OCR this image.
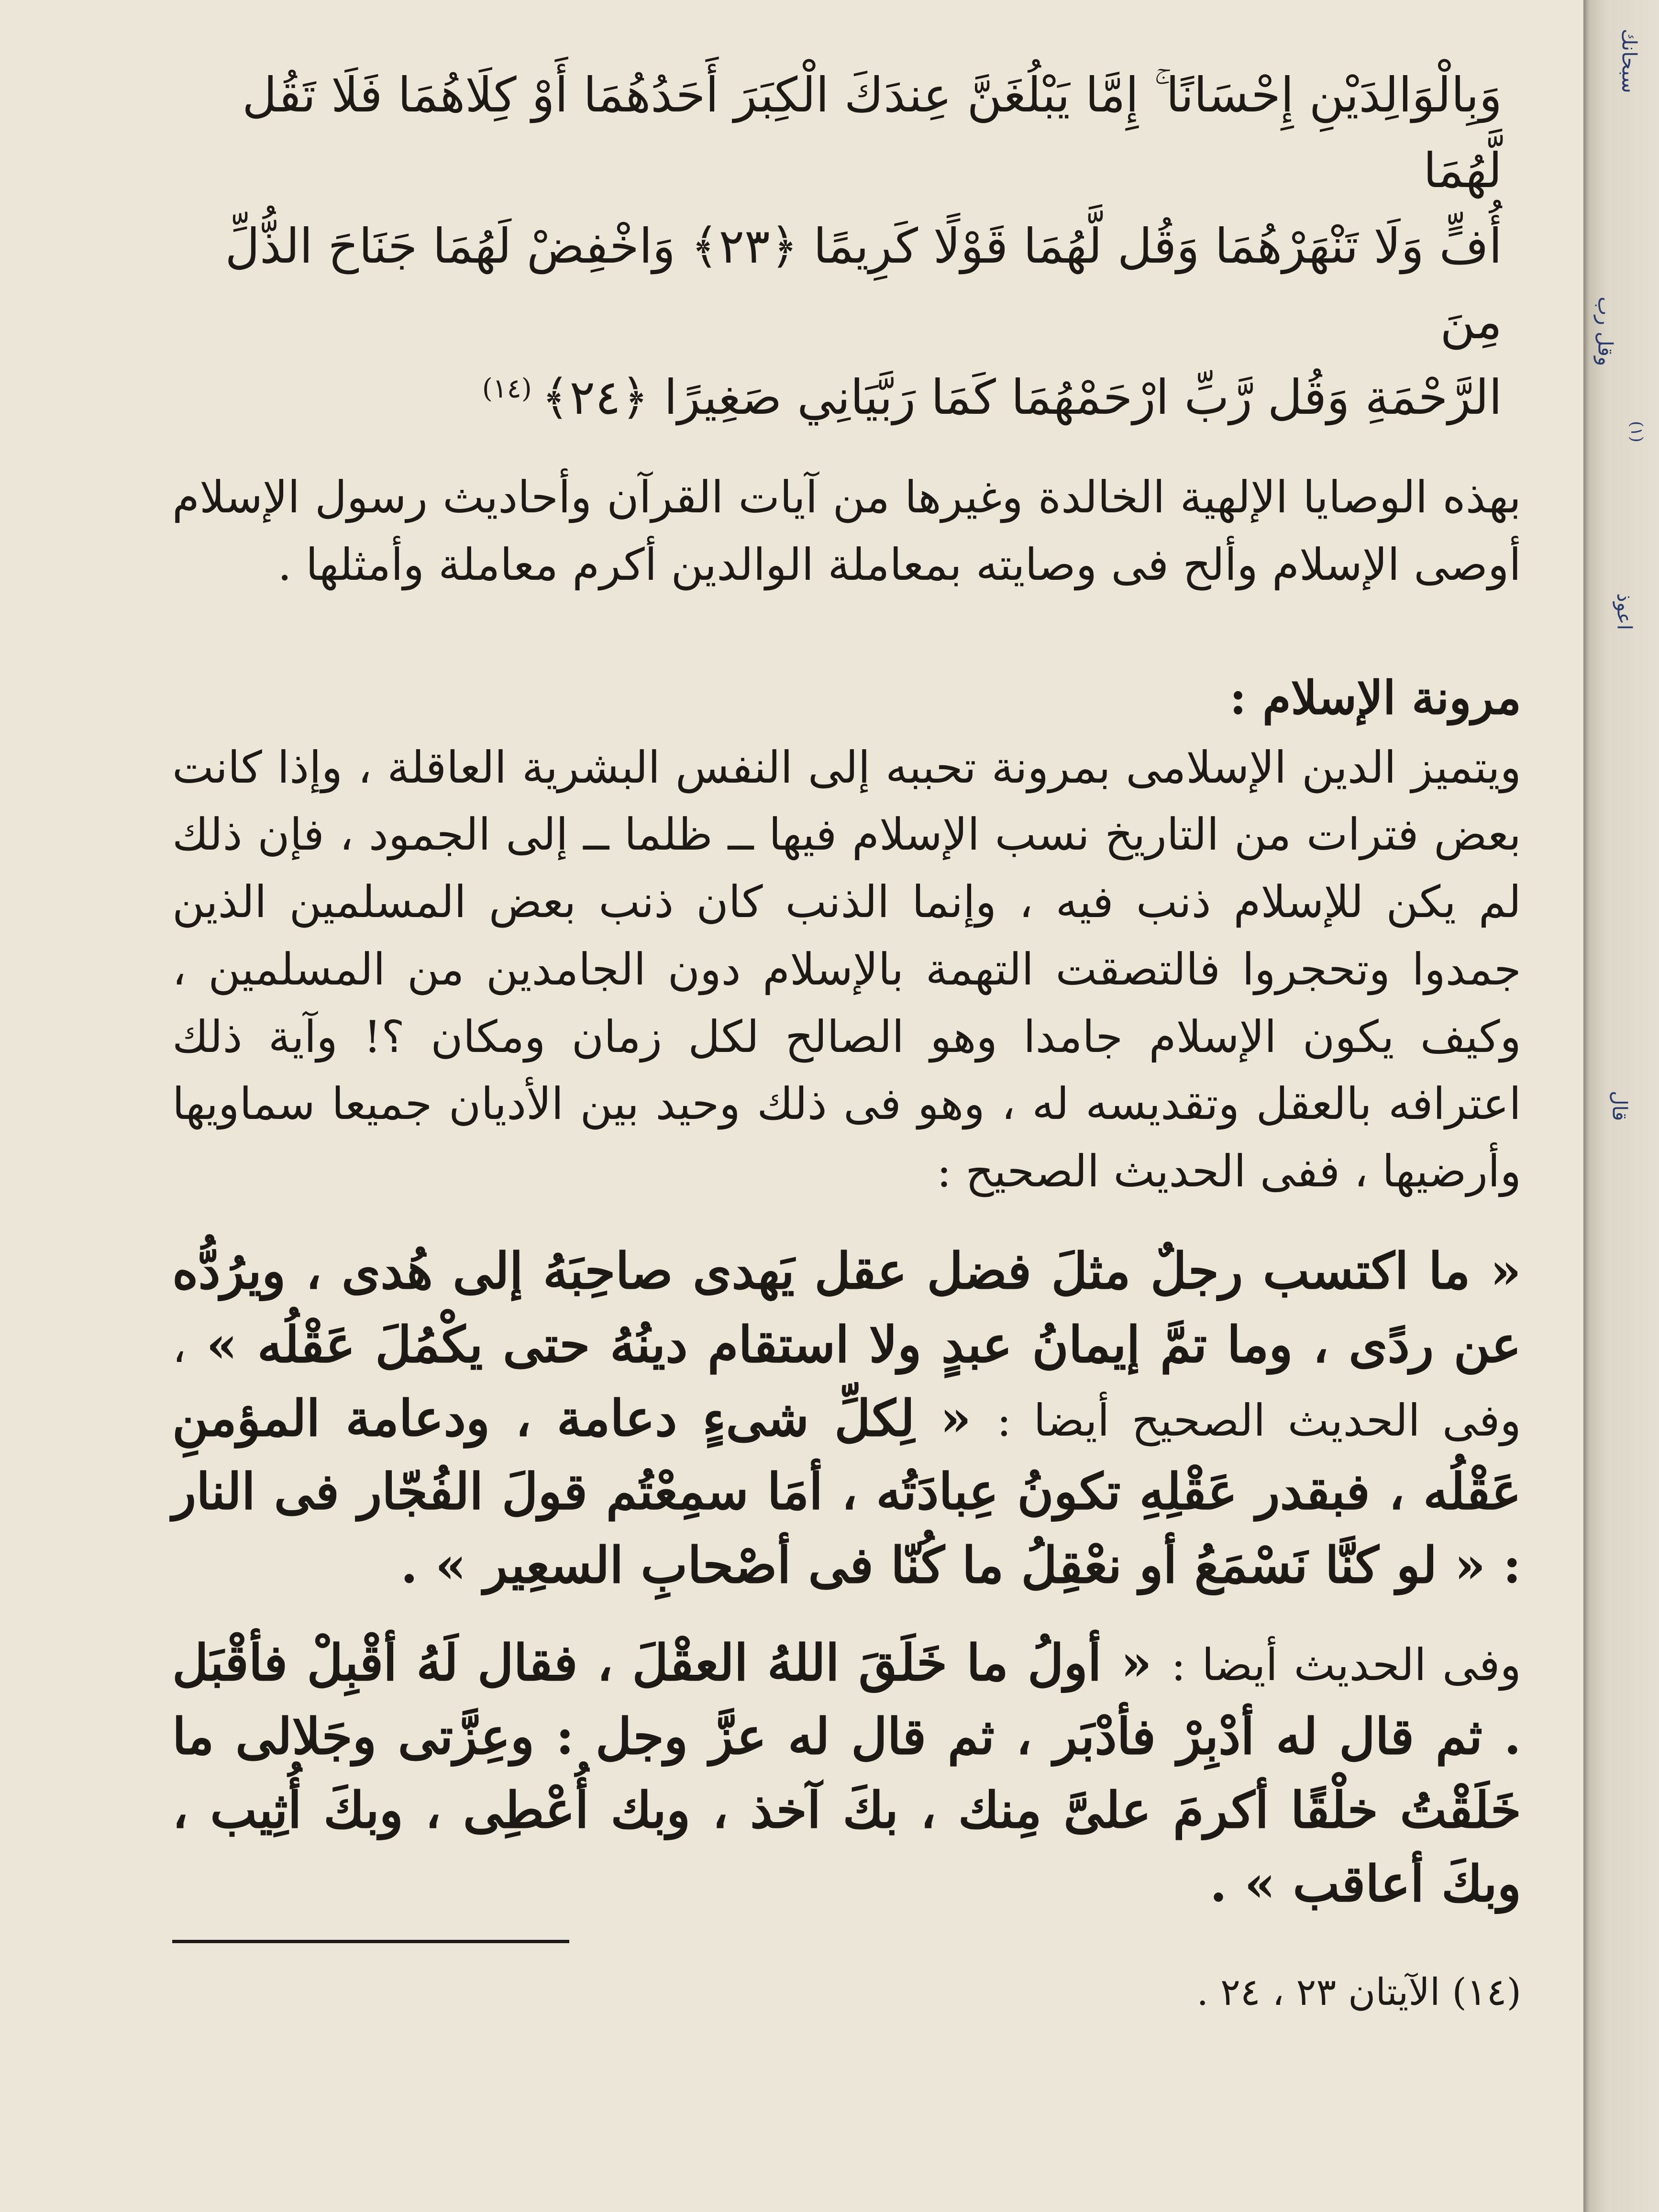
وَبِالْوَالِدَيْنِ إِحْسَانًا ۚ إِمَّا يَبْلُغَنَّ عِندَكَ الْكِبَرَ أَحَدُهُمَا أَوْ كِلَاهُمَا فَلَا تَقُل لَّهُمَا

أُفٍّ وَلَا تَنْهَرْهُمَا وَقُل لَّهُمَا قَوْلًا كَرِيمًا ﴿٢٣﴾ وَاخْفِضْ لَهُمَا جَنَاحَ الذُّلِّ مِنَ

الرَّحْمَةِ وَقُل رَّبِّ ارْحَمْهُمَا كَمَا رَبَّيَانِي صَغِيرًا ﴿٢٤﴾(١٤)

بهذه الوصايا الإلهية الخالدة وغيرها من آيات القرآن وأحاديث رسول الإسلام أوصى الإسلام وألح فى وصايته بمعاملة الوالدين أكرم معاملة وأمثلها .

مرونة الإسلام :

ويتميز الدين الإسلامى بمرونة تحببه إلى النفس البشرية العاقلة ، وإذا كانت بعض فترات من التاريخ نسب الإسلام فيها ــ ظلما ــ إلى الجمود ، فإن ذلك لم يكن للإسلام ذنب فيه ، وإنما الذنب كان ذنب بعض المسلمين الذين جمدوا وتحجروا فالتصقت التهمة بالإسلام دون الجامدين من المسلمين ، وكيف يكون الإسلام جامدا وهو الصالح لكل زمان ومكان ؟! وآية ذلك اعترافه بالعقل وتقديسه له ، وهو فى ذلك وحيد بين الأديان جميعا سماويها وأرضيها ، ففى الحديث الصحيح :

« ما اكتسب رجلٌ مثلَ فضل عقل يَهدى صاحِبَهُ إلى هُدى ، ويرُدُّه عن ردًى ، وما تمَّ إيمانُ عبدٍ ولا استقام دينُهُ حتى يكْمُلَ عَقْلُه » ، وفى الحديث الصحيح أيضا : « لِكلِّ شىءٍ دعامة ، ودعامة المؤمنِ عَقْلُه ، فبقدر عَقْلِهِ تكونُ عِبادَتُه ، أمَا سمِعْتُم قولَ الفُجّار فى النار : « لو كنَّا نَسْمَعُ أو نعْقِلُ ما كُنّا فى أصْحابِ السعِير » .

وفى الحديث أيضا : « أولُ ما خَلَقَ اللهُ العقْلَ ، فقال لَهُ أقْبِلْ فأقْبَل . ثم قال له أدْبِرْ فأدْبَر ، ثم قال له عزَّ وجل : وعِزَّتى وجَلالى ما خَلَقْتُ خلْقًا أكرمَ علىَّ مِنك ، بكَ آخذ ، وبك أُعْطِى ، وبكَ أُثِيب ، وبكَ أعاقب » .

(١٤) الآيتان ٢٣ ، ٢٤ .
سبحانك
وقل رب
(١)
اعوذ
قال
